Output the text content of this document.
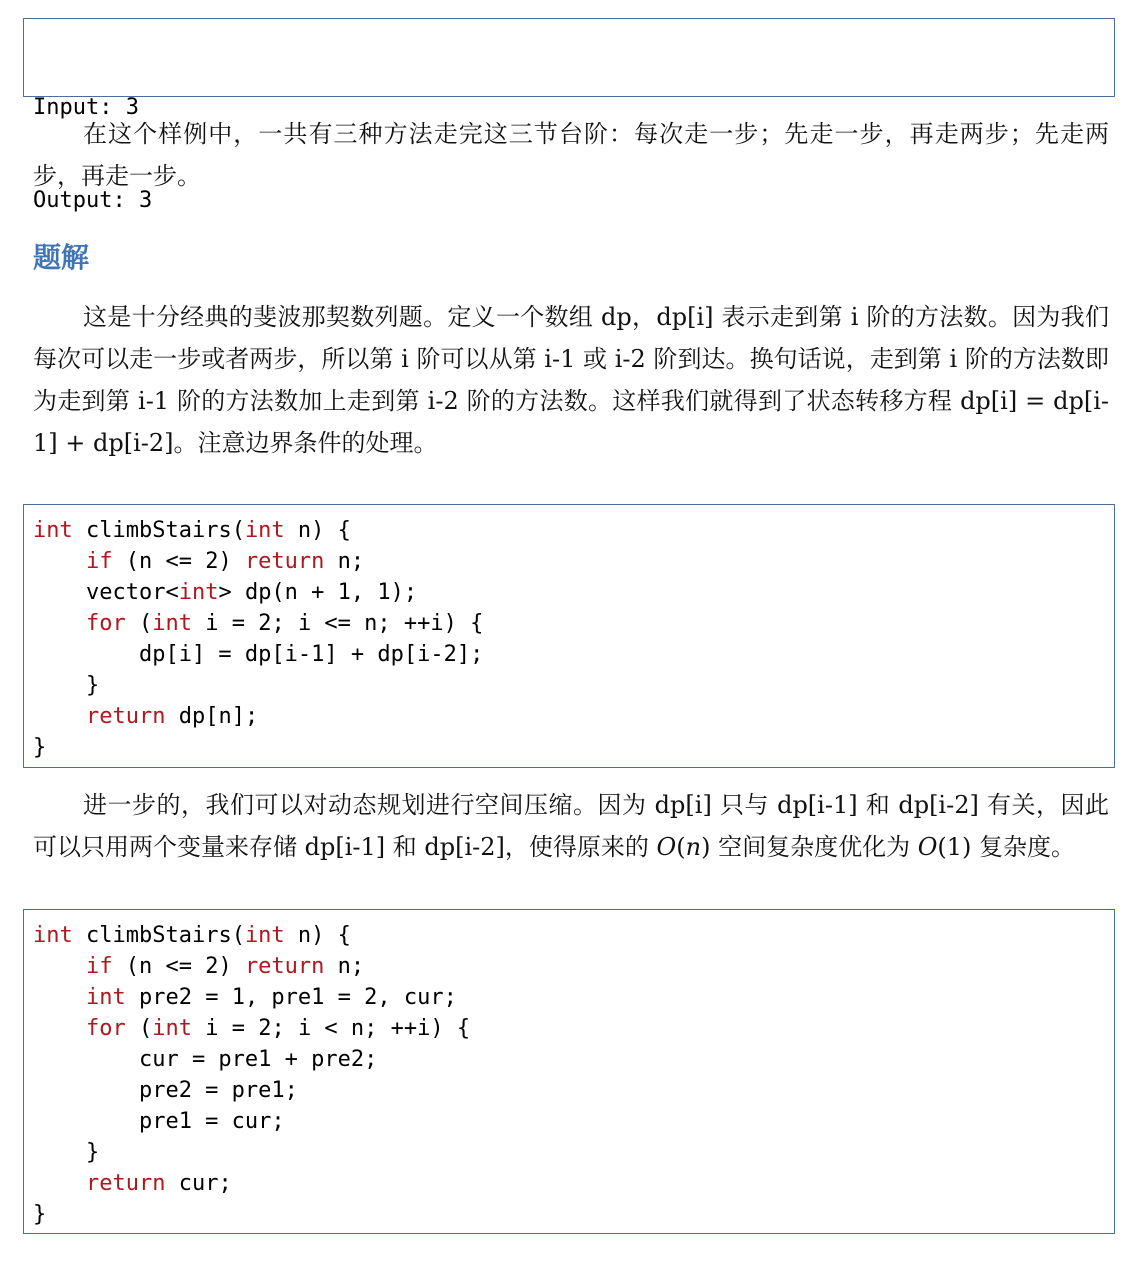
Input: 3

Output: 3

在这个样例中，一共有三种方法走完这三节台阶：每次走一步；先走一步，再走两步；先走两步，再走一步。

题解

这是十分经典的斐波那契数列题。定义一个数组 dp，dp[i] 表示走到第 i 阶的方法数。因为我们每次可以走一步或者两步，所以第 i 阶可以从第 i-1 或 i-2 阶到达。换句话说，走到第 i 阶的方法数即为走到第 i-1 阶的方法数加上走到第 i-2 阶的方法数。这样我们就得到了状态转移方程 dp[i] = dp[i-1] + dp[i-2]。注意边界条件的处理。

int climbStairs(int n) {
if (n <= 2) return n;
vector<int> dp(n + 1, 1);
for (int i = 2; i <= n; ++i) {
dp[i] = dp[i-1] + dp[i-2];
}
return dp[n];
}

进一步的，我们可以对动态规划进行空间压缩。因为 dp[i] 只与 dp[i-1] 和 dp[i-2] 有关，因此可以只用两个变量来存储 dp[i-1] 和 dp[i-2]，使得原来的 O(n) 空间复杂度优化为 O(1) 复杂度。

int climbStairs(int n) {
if (n <= 2) return n;
int pre2 = 1, pre1 = 2, cur;
for (int i = 2; i < n; ++i) {
cur = pre1 + pre2;
pre2 = pre1;
pre1 = cur;
}
return cur;
}
